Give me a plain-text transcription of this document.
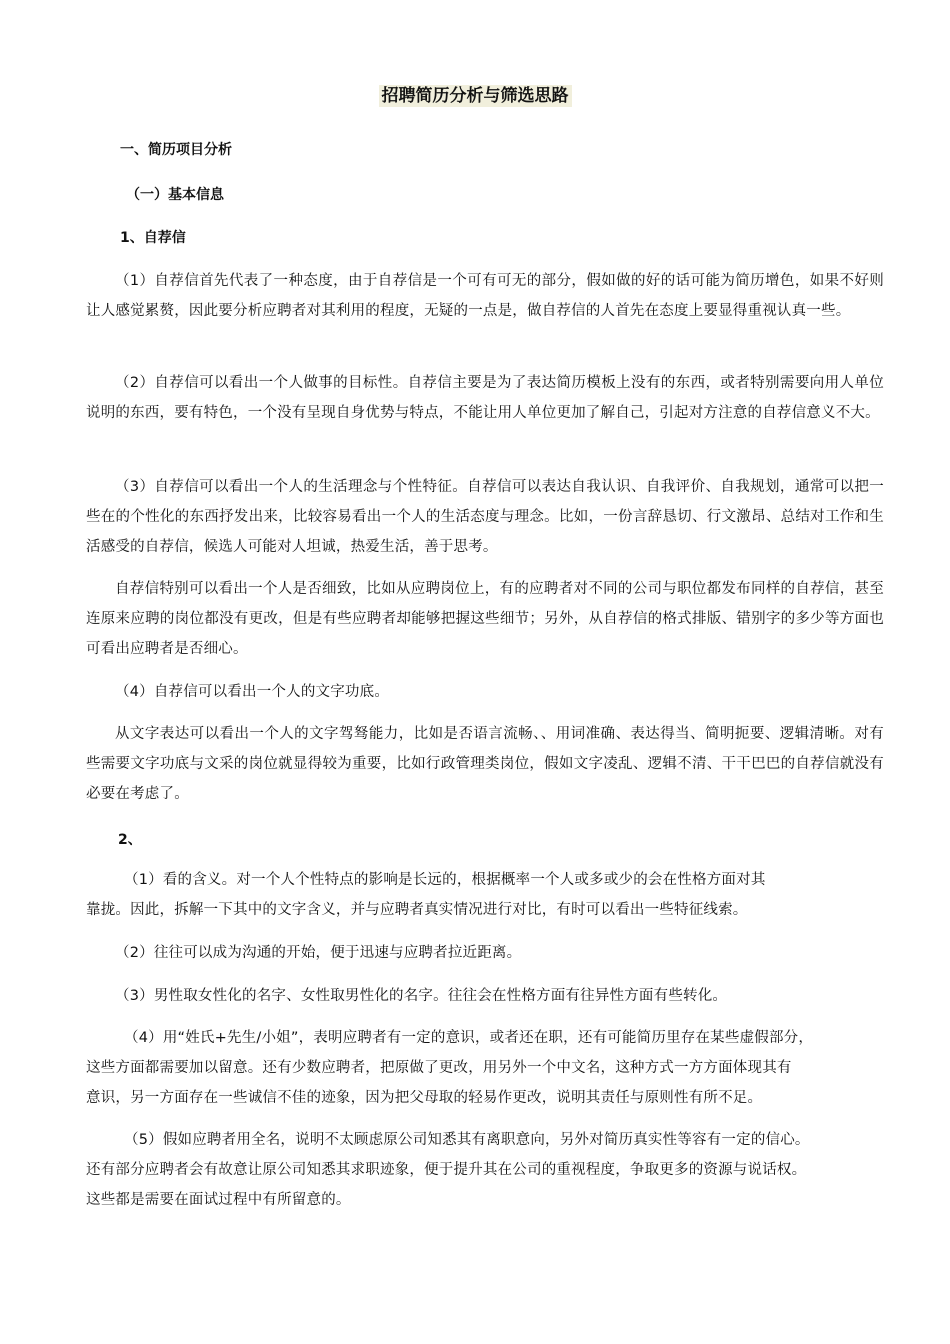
招聘简历分析与筛选思路
一、简历项目分析
（一）基本信息
1、自荐信
（1）自荐信首先代表了一种态度，由于自荐信是一个可有可无的部分，假如做的好的话可能为简历增色，如果不好则让人感觉累赘，因此要分析应聘者对其利用的程度，无疑的一点是，做自荐信的人首先在态度上要显得重视认真一些。
（2）自荐信可以看出一个人做事的目标性。自荐信主要是为了表达简历模板上没有的东西，或者特别需要向用人单位说明的东西，要有特色，一个没有呈现自身优势与特点，不能让用人单位更加了解自己，引起对方注意的自荐信意义不大。
（3）自荐信可以看出一个人的生活理念与个性特征。自荐信可以表达自我认识、自我评价、自我规划，通常可以把一些在的个性化的东西抒发出来，比较容易看出一个人的生活态度与理念。比如，一份言辞恳切、行文激昂、总结对工作和生活感受的自荐信，候选人可能对人坦诚，热爱生活，善于思考。
自荐信特别可以看出一个人是否细致，比如从应聘岗位上，有的应聘者对不同的公司与职位都发布同样的自荐信，甚至连原来应聘的岗位都没有更改，但是有些应聘者却能够把握这些细节；另外，从自荐信的格式排版、错别字的多少等方面也可看出应聘者是否细心。
（4）自荐信可以看出一个人的文字功底。
从文字表达可以看出一个人的文字驾驽能力，比如是否语言流畅、、用词准确、表达得当、简明扼要、逻辑清晰。对有些需要文字功底与文采的岗位就显得较为重要，比如行政管理类岗位，假如文字凌乱、逻辑不清、干干巴巴的自荐信就没有必要在考虑了。
2、
（1）看的含义。对一个人个性特点的影响是长远的，根据概率一个人或多或少的会在性格方面对其
靠拢。因此，拆解一下其中的文字含义，并与应聘者真实情况进行对比，有时可以看出一些特征线索。
（2）往往可以成为沟通的开始，便于迅速与应聘者拉近距离。
（3）男性取女性化的名字、女性取男性化的名字。往往会在性格方面有往异性方面有些转化。
（4）用“姓氏+先生/小姐”，表明应聘者有一定的意识，或者还在职，还有可能简历里存在某些虚假部分，
这些方面都需要加以留意。还有少数应聘者，把原做了更改，用另外一个中文名，这种方式一方方面体现其有
意识，另一方面存在一些诚信不佳的迹象，因为把父母取的轻易作更改，说明其责任与原则性有所不足。
（5）假如应聘者用全名，说明不太顾虑原公司知悉其有离职意向，另外对简历真实性等容有一定的信心。
还有部分应聘者会有故意让原公司知悉其求职迹象，便于提升其在公司的重视程度，争取更多的资源与说话权。
这些都是需要在面试过程中有所留意的。
